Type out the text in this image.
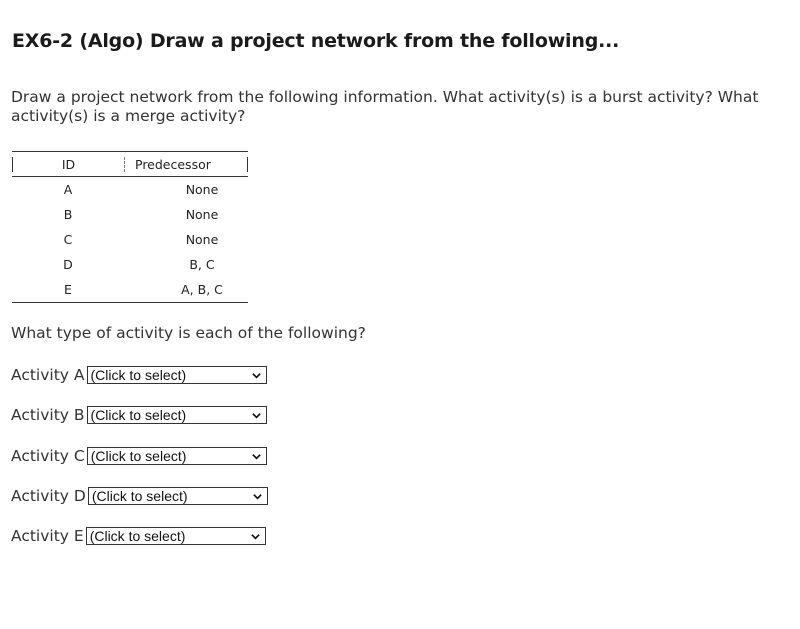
EX6-2 (Algo) Draw a project network from the following...
Draw a project network from the following information. What activity(s) is a burst activity? What activity(s) is a merge activity?
ID	Predecessor
A	None
B	None
C	None
D	B, C
E	A, B, C
What type of activity is each of the following?
Activity A (Click to select)
Activity B (Click to select)
Activity C (Click to select)
Activity D (Click to select)
Activity E (Click to select)
